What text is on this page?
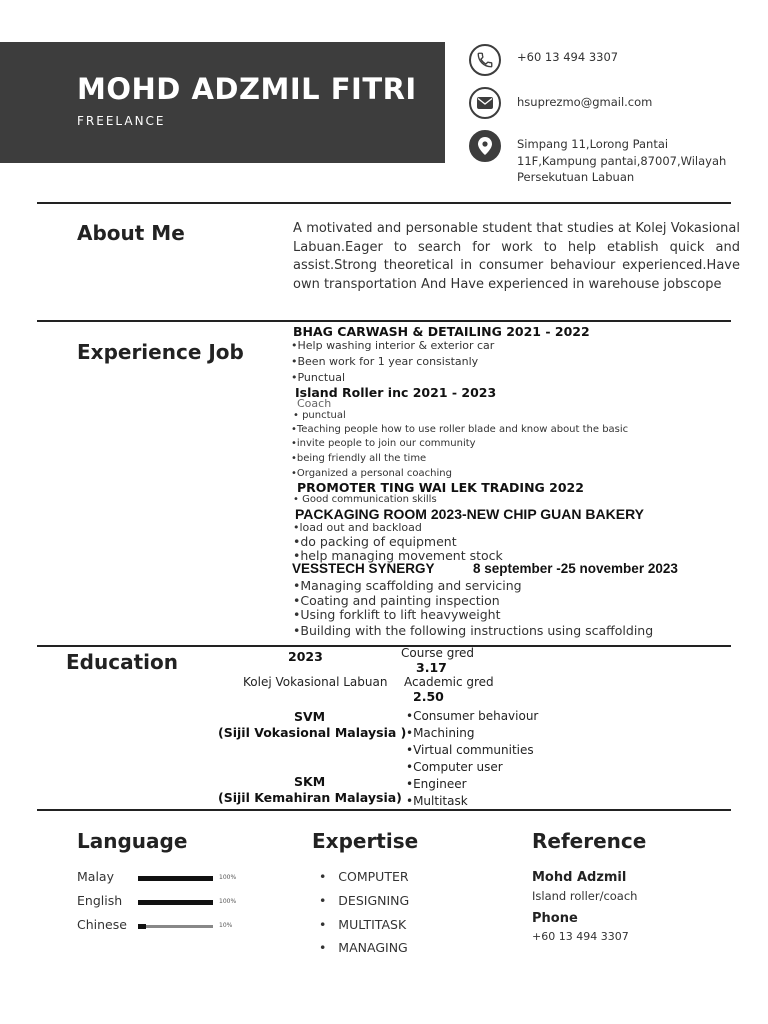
MOHD ADZMIL FITRI
FREELANCE
+60 13 494 3307
hsuprezmo@gmail.com
Simpang 11,Lorong Pantai
11F,Kampung pantai,87007,Wilayah
Persekutuan Labuan
About Me	A motivated and personable student that studies at Kolej Vokasional Labuan.Eager to search for work to help etablish quick and assist.Strong theoretical in consumer behaviour experienced.Have own transportation And Have experienced in warehouse jobscope
Experience Job
BHAG CARWASH & DETAILING 2021 - 2022
•Help washing interior & exterior car
•Been work for 1 year consistanly
•Punctual
Island Roller inc 2021 - 2023
Coach
• punctual
•Teaching people how to use roller blade and know about the basic
•invite people to join our community
•being friendly all the time
•Organized a personal coaching
PROMOTER TING WAI LEK TRADING 2022
• Good communication skills
PACKAGING ROOM 2023-NEW CHIP GUAN BAKERY
•load out and backload
•do packing of equipment
•help managing movement stock
VESSTECH SYNERGY	8 september -25 november 2023
•Managing scaffolding and servicing
•Coating and painting inspection
•Using forklift to lift heavyweight
•Building with the following instructions using scaffolding
Education	2023
Kolej Vokasional Labuan
Course gred
3.17
Academic gred
2.50
SVM
(Sijil Vokasional Malaysia )
SKM
(Sijil Kemahiran Malaysia)
•Consumer behaviour
•Machining
•Virtual communities
•Computer user
•Engineer
•Multitask
Language
Malay	100%
English	100%
Chinese	10%
Expertise
•   COMPUTER
•   DESIGNING
•   MULTITASK
•   MANAGING
Reference
Mohd Adzmil
Island roller/coach
Phone
+60 13 494 3307
